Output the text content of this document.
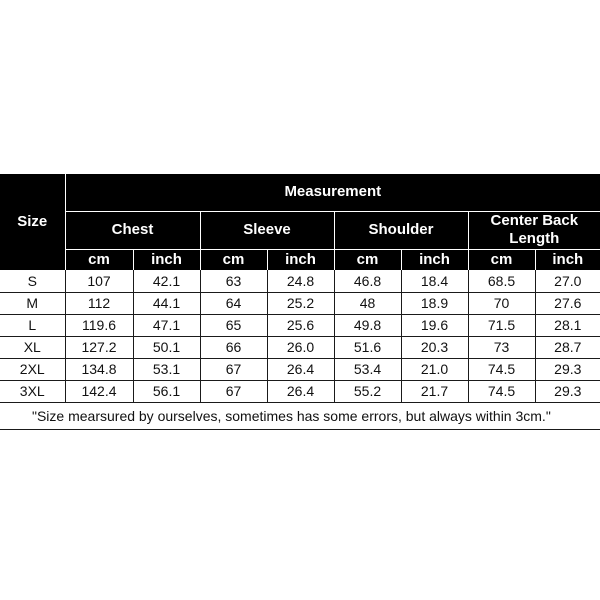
Size	Measurement							
	Chest		Sleeve		Shoulder		Center Back Length	
	cm	inch	cm	inch	cm	inch	cm	inch
S	107	42.1	63	24.8	46.8	18.4	68.5	27.0
M	112	44.1	64	25.2	48	18.9	70	27.6
L	119.6	47.1	65	25.6	49.8	19.6	71.5	28.1
XL	127.2	50.1	66	26.0	51.6	20.3	73	28.7
2XL	134.8	53.1	67	26.4	53.4	21.0	74.5	29.3
3XL	142.4	56.1	67	26.4	55.2	21.7	74.5	29.3
"Size mearsured by ourselves, sometimes has some errors, but always within 3cm."								
